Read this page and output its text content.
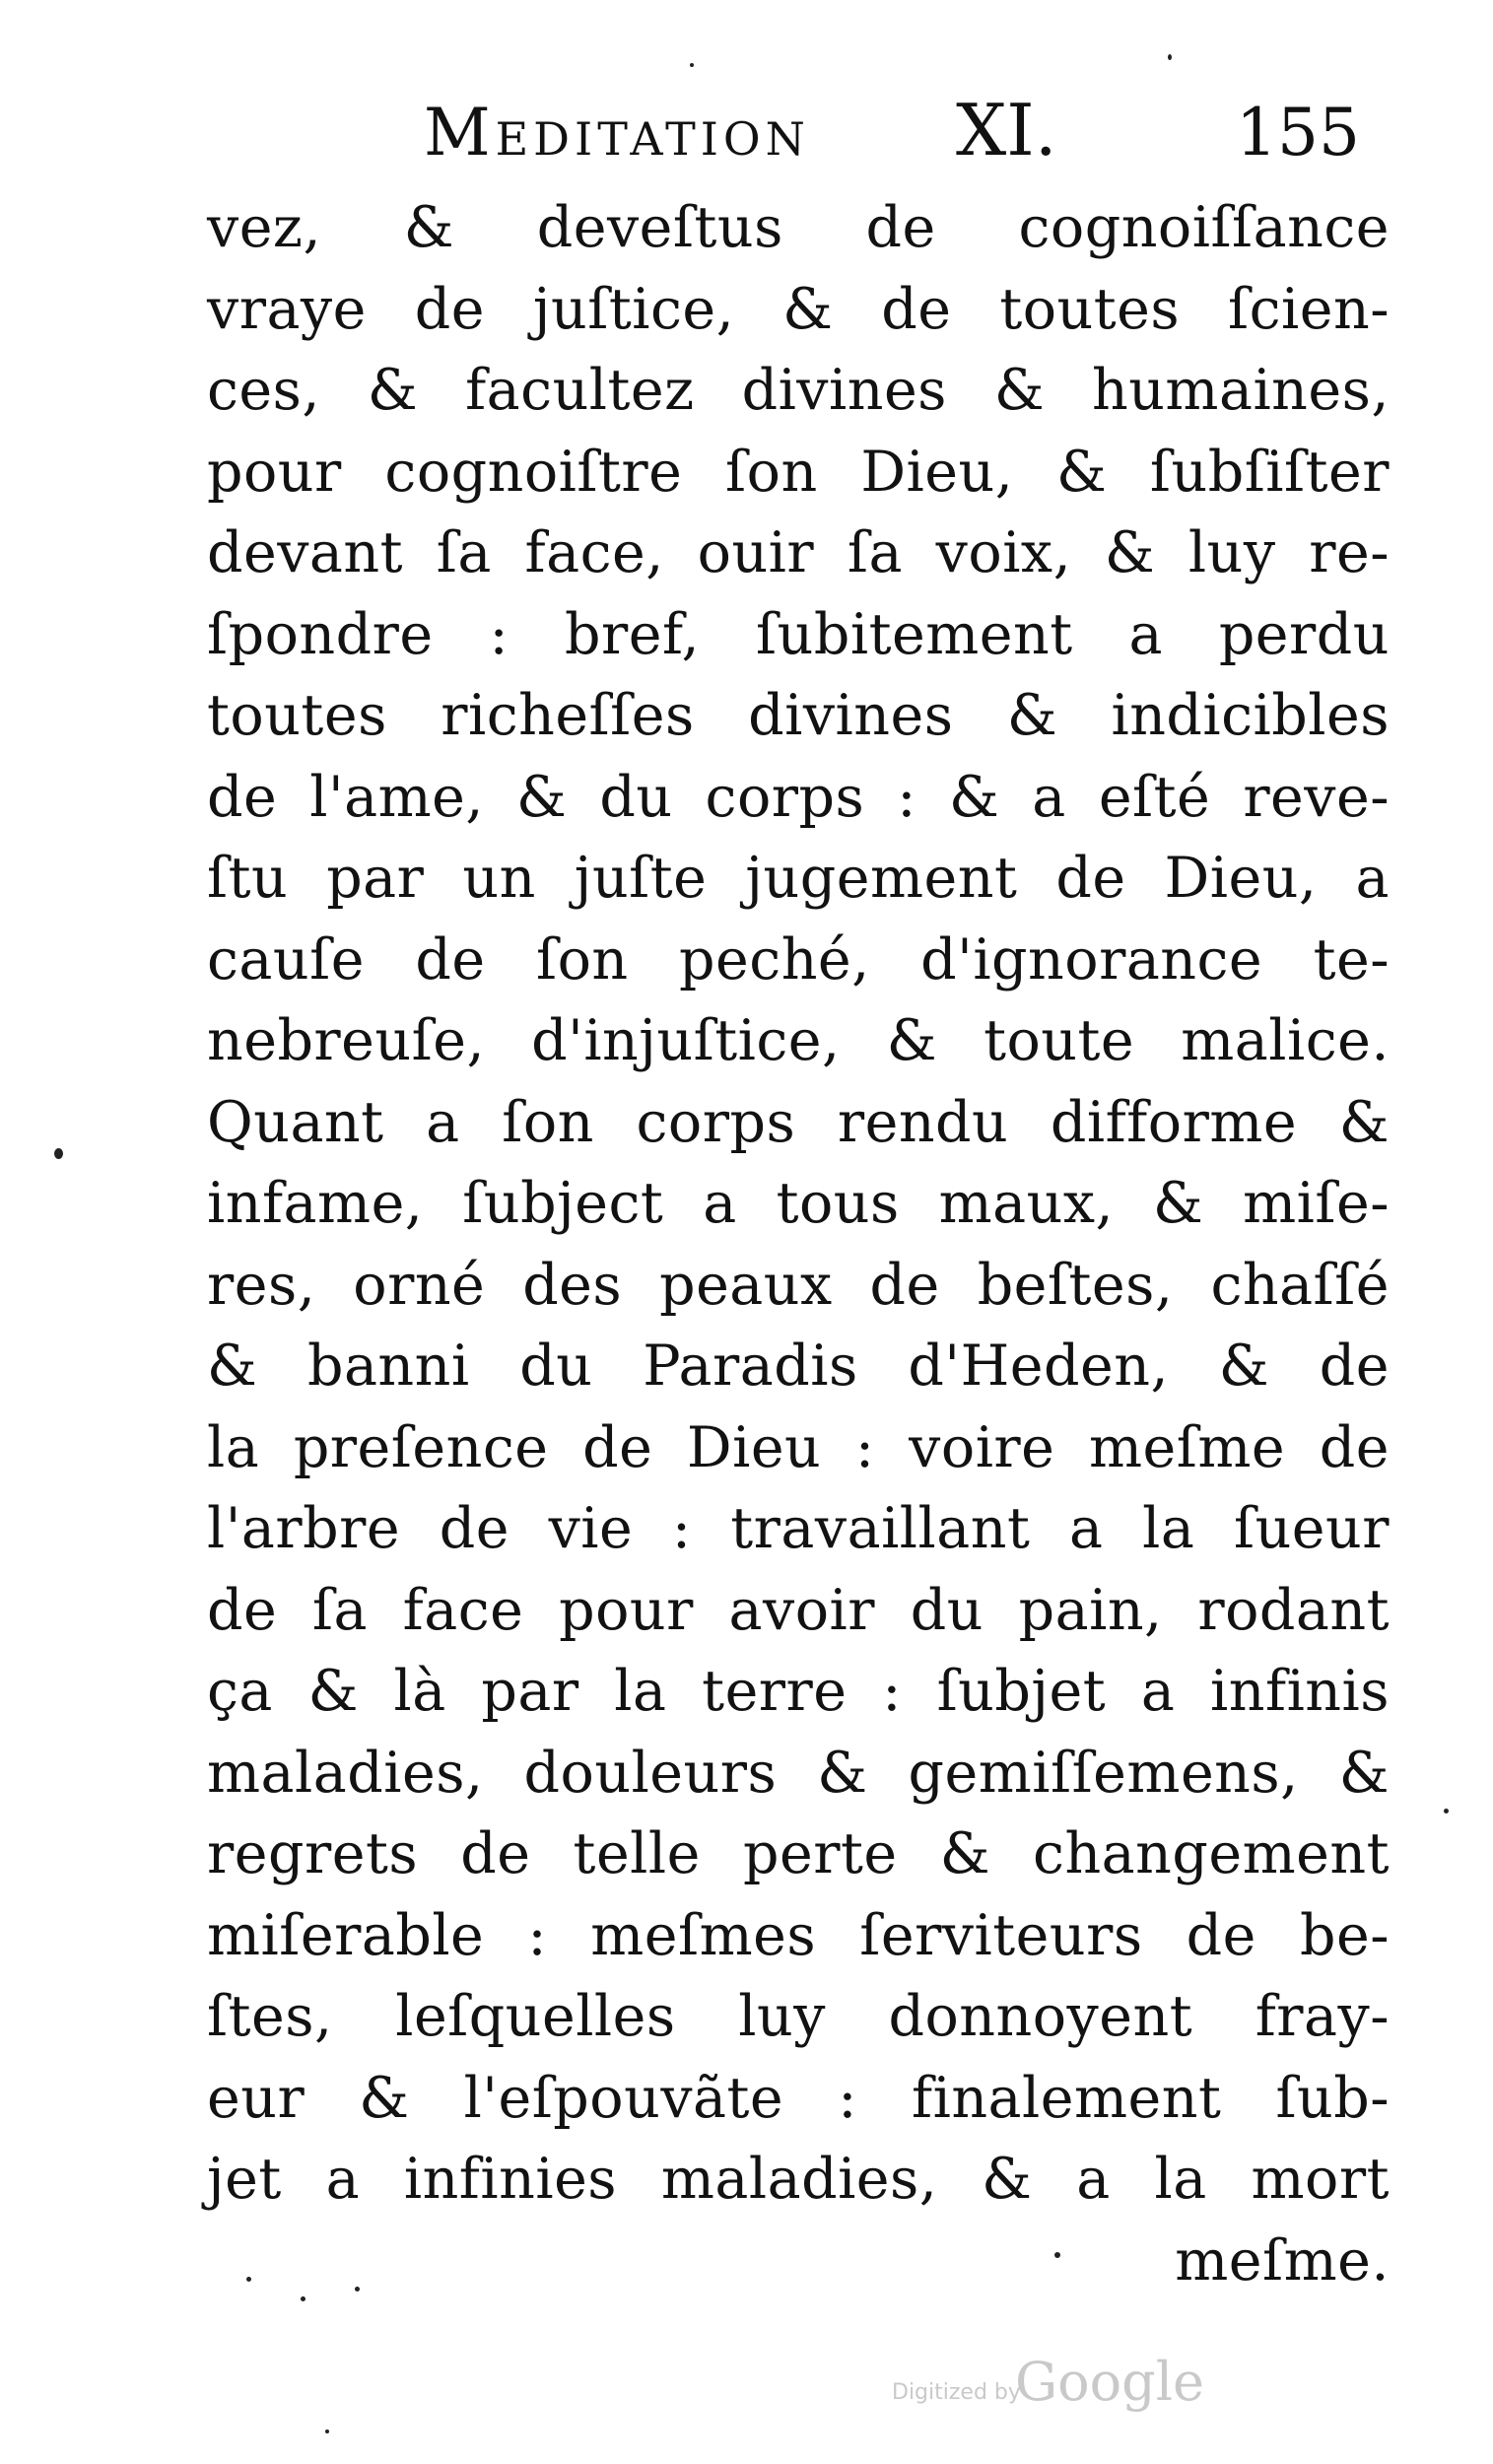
Meditation XI.	155
vez, & deveſtus de cognoiſſance
vraye de juſtice, & de toutes ſcien-
ces, & facultez divines & humaines,
pour cognoiſtre ſon Dieu, & ſubſiſter
devant ſa face, ouir ſa voix, & luy re-
ſpondre : bref, ſubitement a perdu
toutes richeſſes divines & indicibles
de l'ame, & du corps : & a eſté reve-
ſtu par un juſte jugement de Dieu, a
cauſe de ſon peché, d'ignorance te-
nebreuſe, d'injuſtice, & toute malice.
Quant a ſon corps rendu difforme &
infame, ſubject a tous maux, & miſe-
res, orné des peaux de beſtes, chaſſé
& banni du Paradis d'Heden, & de
la preſence de Dieu : voire meſme de
l'arbre de vie : travaillant a la ſueur
de ſa face pour avoir du pain, rodant
ça & là par la terre : ſubjet a infinis
maladies, douleurs & gemiſſemens, &
regrets de telle perte & changement
miſerable : meſmes ſerviteurs de be-
ſtes, leſquelles luy donnoyent fray-
eur & l'eſpouvãte : finalement ſub-
jet a infinies maladies, & a la mort
meſme.
Digitized by
Google
